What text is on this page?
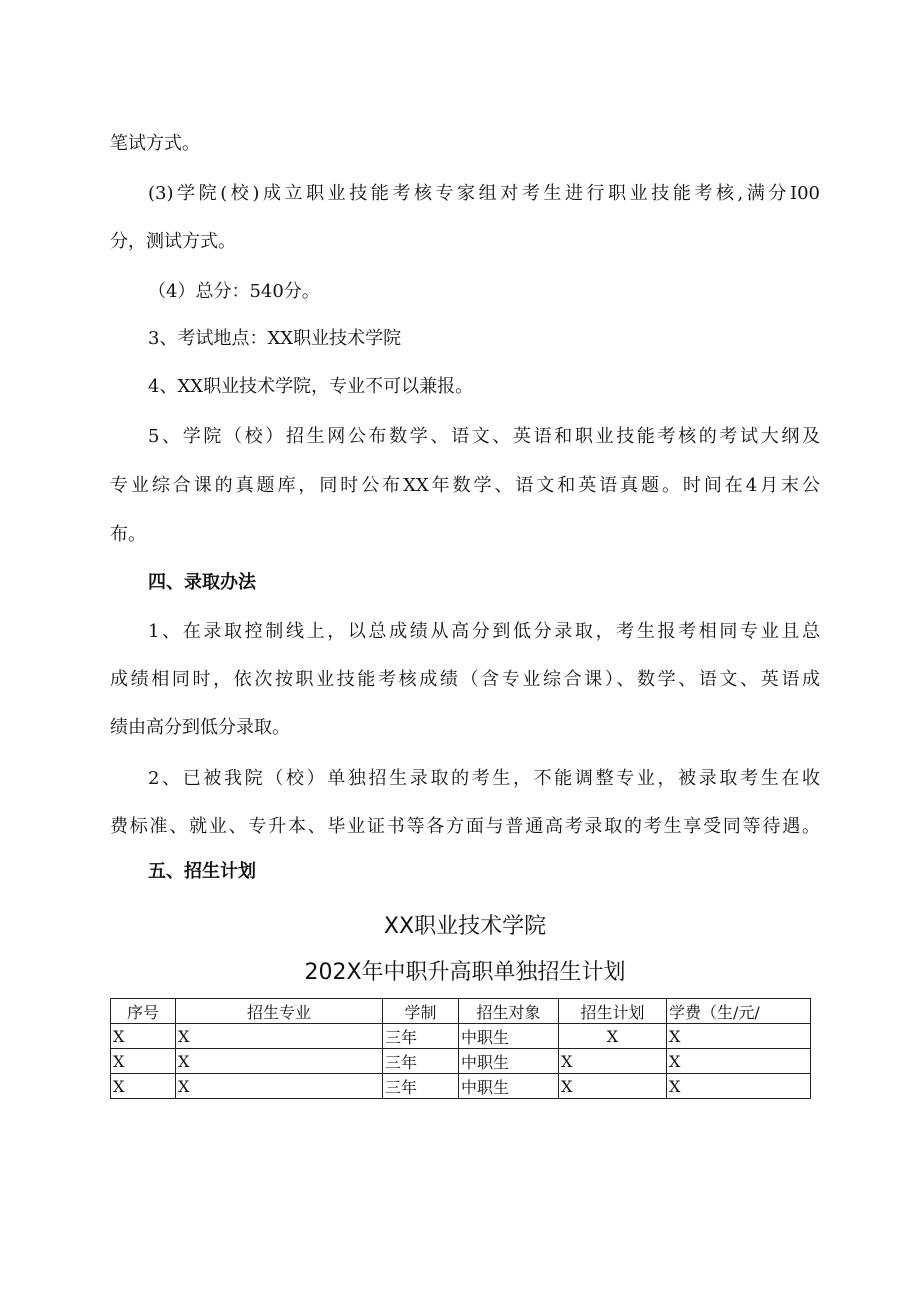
笔试方式。
(3)学院(校)成立职业技能考核专家组对考生进行职业技能考核,满分I00
分，测试方式。
（4）总分：540分。
3、考试地点：XX职业技术学院
4、XX职业技术学院，专业不可以兼报。
5、学院（校）招生网公布数学、语文、英语和职业技能考核的考试大纲及
专业综合课的真题库，同时公布XX年数学、语文和英语真题。时间在4月末公
布。
四、录取办法
1、在录取控制线上，以总成绩从高分到低分录取，考生报考相同专业且总
成绩相同时，依次按职业技能考核成绩（含专业综合课）、数学、语文、英语成
绩由高分到低分录取。
2、已被我院（校）单独招生录取的考生，不能调整专业，被录取考生在收
费标准、就业、专升本、毕业证书等各方面与普通高考录取的考生享受同等待遇。
五、招生计划
XX职业技术学院
202X年中职升高职单独招生计划
序号	招生专业	学制	招生对象	招生计划	学费（生/元/
X	X	三年	中职生	X	X
X	X	三年	中职生	X	X
X	X	三年	中职生	X	X
